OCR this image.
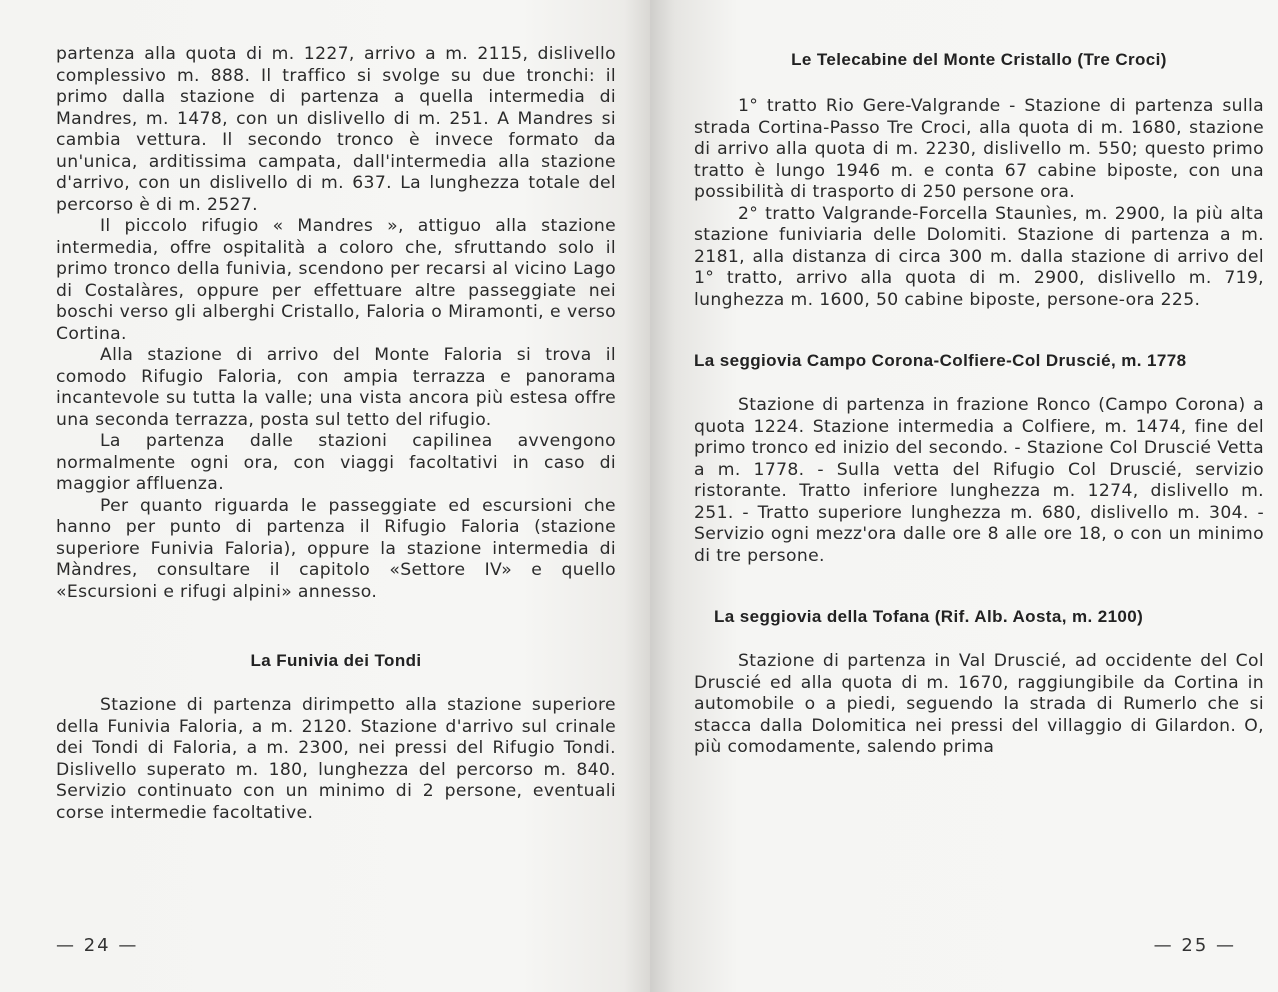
partenza alla quota di m. 1227, arrivo a m. 2115, dislivello complessivo m. 888. Il traffico si svolge su due tronchi: il primo dalla stazione di partenza a quella intermedia di Mandres, m. 1478, con un dislivello di m. 251. A Mandres si cambia vettura. Il secondo tronco è invece formato da un'unica, arditissima campata, dall'intermedia alla stazione d'arrivo, con un dislivello di m. 637. La lunghezza totale del percorso è di m. 2527.

Il piccolo rifugio « Mandres », attiguo alla stazione intermedia, offre ospitalità a coloro che, sfruttando solo il primo tronco della funivia, scendono per recarsi al vicino Lago di Costalàres, oppure per effettuare altre passeggiate nei boschi verso gli alberghi Cristallo, Faloria o Miramonti, e verso Cortina.

Alla stazione di arrivo del Monte Faloria si trova il comodo Rifugio Faloria, con ampia terrazza e panorama incantevole su tutta la valle; una vista ancora più estesa offre una seconda terrazza, posta sul tetto del rifugio.

La partenza dalle stazioni capilinea avvengono normalmente ogni ora, con viaggi facoltativi in caso di maggior affluenza.

Per quanto riguarda le passeggiate ed escursioni che hanno per punto di partenza il Rifugio Faloria (stazione superiore Funivia Faloria), oppure la stazione intermedia di Màndres, consultare il capitolo «Settore IV» e quello «Escursioni e rifugi alpini» annesso.

La Funivia dei Tondi

Stazione di partenza dirimpetto alla stazione superiore della Funivia Faloria, a m. 2120. Stazione d'arrivo sul crinale dei Tondi di Faloria, a m. 2300, nei pressi del Rifugio Tondi. Dislivello superato m. 180, lunghezza del percorso m. 840. Servizio continuato con un minimo di 2 persone, eventuali corse intermedie facoltative.

— 24 —
Le Telecabine del Monte Cristallo (Tre Croci)

1° tratto Rio Gere-Valgrande - Stazione di partenza sulla strada Cortina-Passo Tre Croci, alla quota di m. 1680, stazione di arrivo alla quota di m. 2230, dislivello m. 550; questo primo tratto è lungo 1946 m. e conta 67 cabine biposte, con una possibilità di trasporto di 250 persone ora.

2° tratto Valgrande-Forcella Staunìes, m. 2900, la più alta stazione funiviaria delle Dolomiti. Stazione di partenza a m. 2181, alla distanza di circa 300 m. dalla stazione di arrivo del 1° tratto, arrivo alla quota di m. 2900, dislivello m. 719, lunghezza m. 1600, 50 cabine biposte, persone-ora 225.

La seggiovia Campo Corona-Colfiere-Col Druscié, m. 1778

Stazione di partenza in frazione Ronco (Campo Corona) a quota 1224. Stazione intermedia a Colfiere, m. 1474, fine del primo tronco ed inizio del secondo. - Stazione Col Druscié Vetta a m. 1778. - Sulla vetta del Rifugio Col Druscié, servizio ristorante. Tratto inferiore lunghezza m. 1274, dislivello m. 251. - Tratto superiore lunghezza m. 680, dislivello m. 304. - Servizio ogni mezz'ora dalle ore 8 alle ore 18, o con un minimo di tre persone.

La seggiovia della Tofana (Rif. Alb. Aosta, m. 2100)

Stazione di partenza in Val Druscié, ad occidente del Col Druscié ed alla quota di m. 1670, raggiungibile da Cortina in automobile o a piedi, seguendo la strada di Rumerlo che si stacca dalla Dolomitica nei pressi del villaggio di Gilardon. O, più comodamente, salendo prima

— 25 —
